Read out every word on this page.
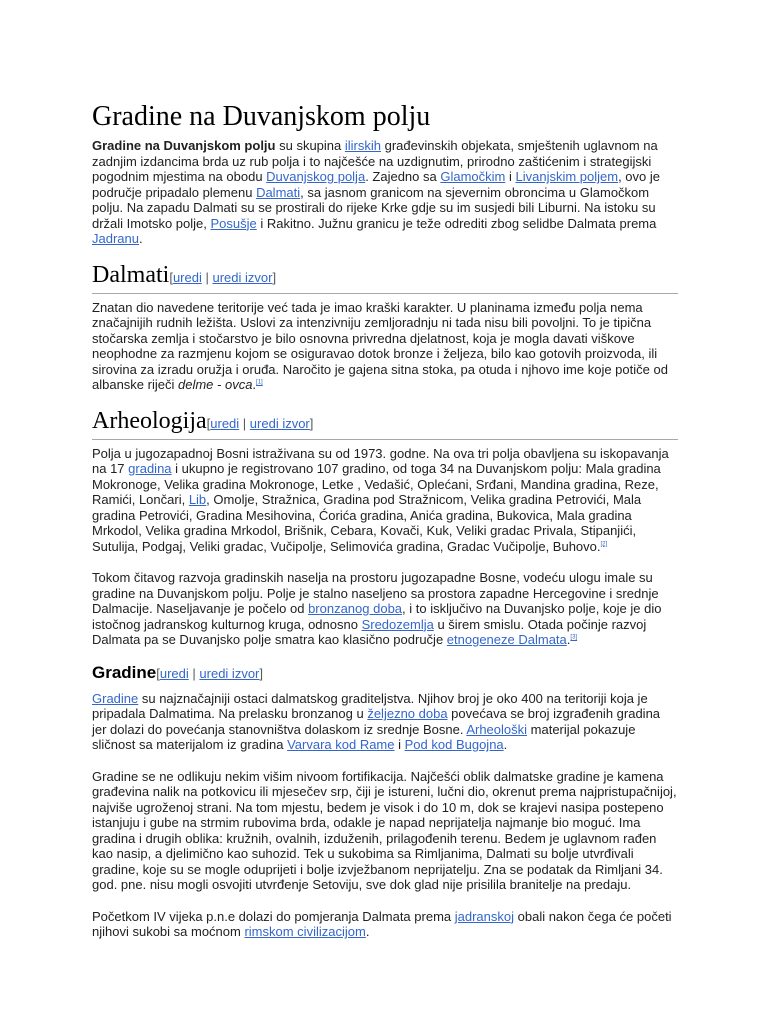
Gradine na Duvanjskom polju

Gradine na Duvanjskom polju su skupina ilirskih građevinskih objekata, smještenih uglavnom na zadnjim izdancima brda uz rub polja i to najčešće na uzdignutim, prirodno zaštićenim i strategijski pogodnim mjestima na obodu Duvanjskog polja. Zajedno sa Glamočkim i Livanjskim poljem, ovo je područje pripadalo plemenu Dalmati, sa jasnom granicom na sjevernim obroncima u Glamočkom polju. Na zapadu Dalmati su se prostirali do rijeke Krke gdje su im susjedi bili Liburni. Na istoku su držali Imotsko polje, Posušje i Rakitno. Južnu granicu je teže odrediti zbog selidbe Dalmata prema Jadranu.

Dalmati[uredi | uredi izvor]

Znatan dio navedene teritorije već tada je imao kraški karakter. U planinama između polja nema značajnijih rudnih ležišta. Uslovi za intenzivniju zemljoradnju ni tada nisu bili povoljni. To je tipična stočarska zemlja i stočarstvo je bilo osnovna privredna djelatnost, koja je mogla davati viškove neophodne za razmjenu kojom se osiguravao dotok bronze i željeza, bilo kao gotovih proizvoda, ili sirovina za izradu oružja i oruđa. Naročito je gajena sitna stoka, pa otuda i njhovo ime koje potiče od albanske riječi delme - ovca.[1]

Arheologija[uredi | uredi izvor]

Polja u jugozapadnoj Bosni istraživana su od 1973. godne. Na ova tri polja obavljena su iskopavanja na 17 gradina i ukupno je registrovano 107 gradino, od toga 34 na Duvanjskom polju: Mala gradina Mokronoge, Velika gradina Mokronoge, Letke , Vedašić, Oplećani, Srđani, Mandina gradina, Reze, Ramići, Lončari, Lib, Omolje, Stražnica, Gradina pod Stražnicom, Velika gradina Petrovići, Mala gradina Petrovići, Gradina Mesihovina, Ćorića gradina, Anića gradina, Bukovica, Mala gradina Mrkodol, Velika gradina Mrkodol, Brišnik, Cebara, Kovači, Kuk, Veliki gradac Privala, Stipanjići, Sutulija, Podgaj, Veliki gradac, Vučipolje, Selimovića gradina, Gradac Vučipolje, Buhovo.[2]

Tokom čitavog razvoja gradinskih naselja na prostoru jugozapadne Bosne, vodeću ulogu imale su gradine na Duvanjskom polju. Polje je stalno naseljeno sa prostora zapadne Hercegovine i srednje Dalmacije. Naseljavanje je počelo od bronzanog doba, i to isključivo na Duvanjsko polje, koje je dio istočnog jadranskog kulturnog kruga, odnosno Sredozemlja u širem smislu. Otada počinje razvoj Dalmata pa se Duvanjsko polje smatra kao klasično područje etnogeneze Dalmata.[3]

Gradine[uredi | uredi izvor]

Gradine su najznačajniji ostaci dalmatskog graditeljstva. Njihov broj je oko 400 na teritoriji koja je pripadala Dalmatima. Na prelasku bronzanog u željezno doba povećava se broj izgrađenih gradina jer dolazi do povećanja stanovništva dolaskom iz srednje Bosne. Arheološki materijal pokazuje sličnost sa materijalom iz gradina Varvara kod Rame i Pod kod Bugojna.

Gradine se ne odlikuju nekim višim nivoom fortifikacija. Najčešći oblik dalmatske gradine je kamena građevina nalik na potkovicu ili mjesečev srp, čiji je istureni, lučni dio, okrenut prema najpristupačnijoj, najviše ugroženoj strani. Na tom mjestu, bedem je visok i do 10 m, dok se krajevi nasipa postepeno istanjuju i gube na strmim rubovima brda, odakle je napad neprijatelja najmanje bio moguć. Ima gradina i drugih oblika: kružnih, ovalnih, izduženih, prilagođenih terenu. Bedem je uglavnom rađen kao nasip, a djelimično kao suhozid. Tek u sukobima sa Rimljanima, Dalmati su bolje utvrđivali gradine, koje su se mogle oduprijeti i bolje izvježbanom neprijatelju. Zna se podatak da Rimljani 34. god. pne. nisu mogli osvojiti utvrđenje Setoviju, sve dok glad nije prisilila branitelje na predaju.

Početkom IV vijeka p.n.e dolazi do pomjeranja Dalmata prema jadranskoj obali nakon čega će početi njihovi sukobi sa moćnom rimskom civilizacijom.
